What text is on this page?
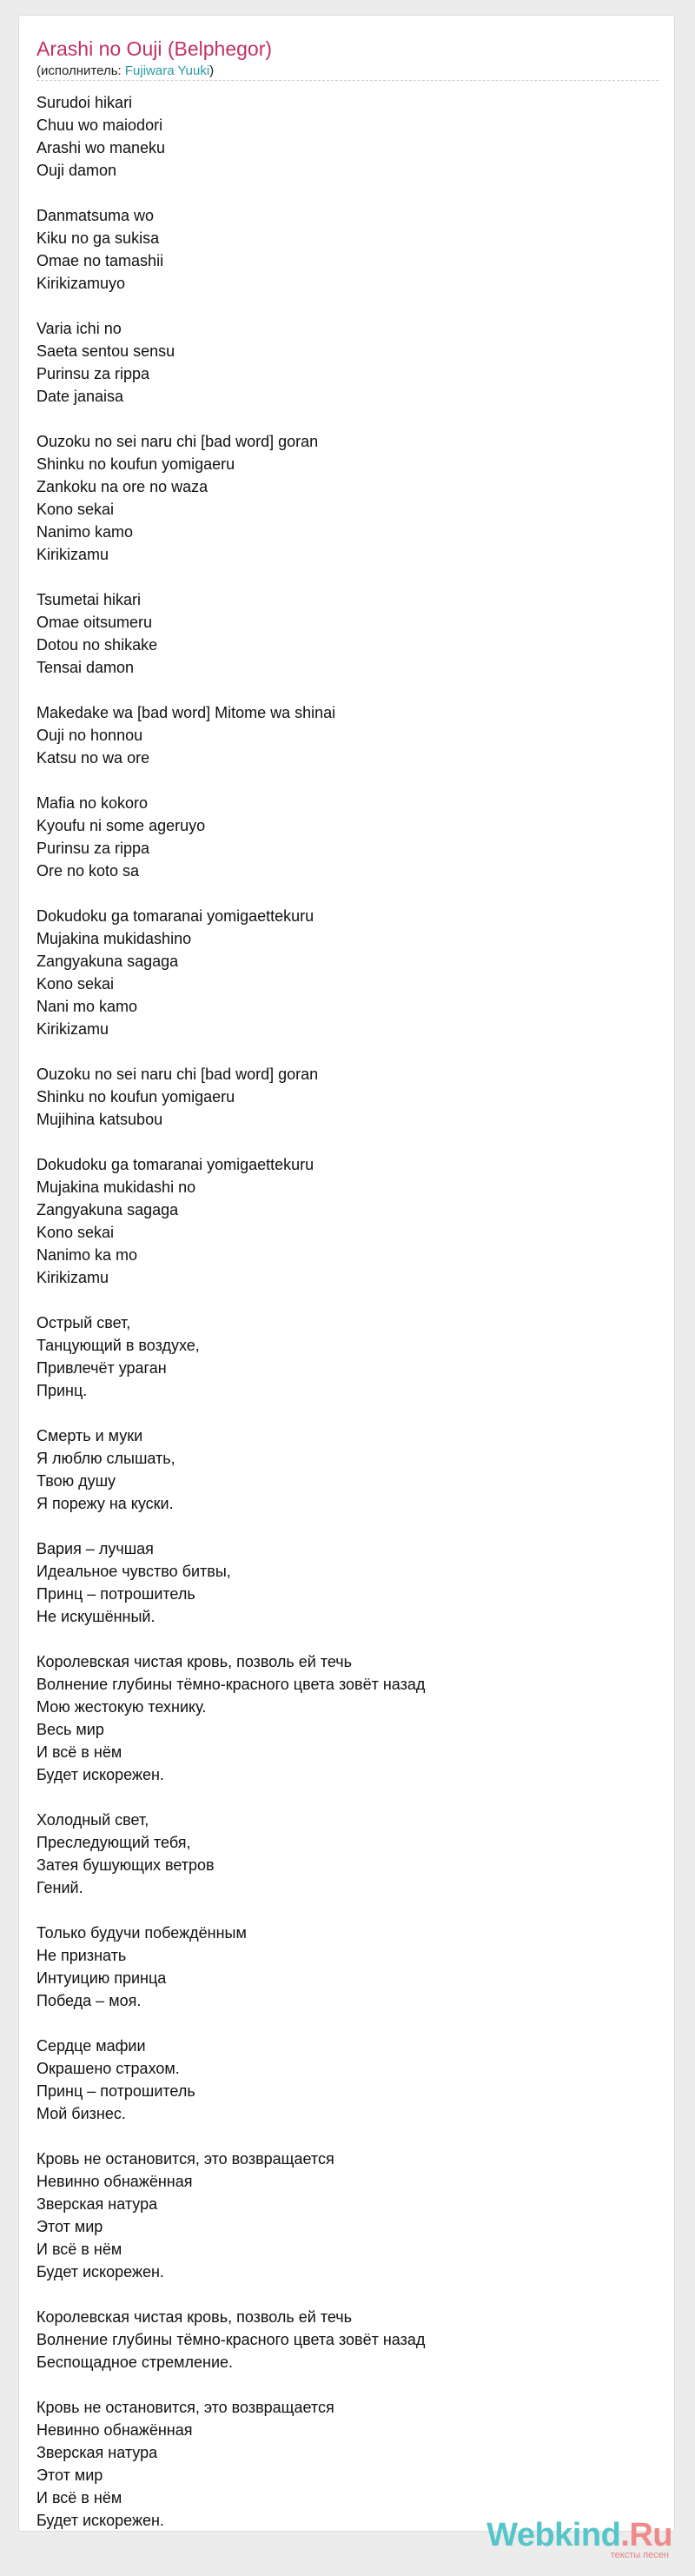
Arashi no Ouji (Belphegor)
(исполнитель: Fujiwara Yuuki)
Surudoi hikari
Chuu wo maiodori
Arashi wo maneku
Ouji damon
Danmatsuma wo
Kiku no ga sukisa
Omae no tamashii
Kirikizamuyo
Varia ichi no
Saeta sentou sensu
Purinsu za rippa
Date janaisa
Ouzoku no sei naru chi [bad word] goran
Shinku no koufun yomigaeru
Zankoku na ore no waza
Kono sekai
Nanimo kamo
Kirikizamu
Tsumetai hikari
Omae oitsumeru
Dotou no shikake
Tensai damon
Makedake wa [bad word] Mitome wa shinai
Ouji no honnou
Katsu no wa ore
Mafia no kokoro
Kyoufu ni some ageruyo
Purinsu za rippa
Ore no koto sa
Dokudoku ga tomaranai yomigaettekuru
Mujakina mukidashino
Zangyakuna sagaga
Kono sekai
Nani mo kamo
Kirikizamu
Ouzoku no sei naru chi [bad word] goran
Shinku no koufun yomigaeru
Mujihina katsubou
Dokudoku ga tomaranai yomigaettekuru
Mujakina mukidashi no
Zangyakuna sagaga
Kono sekai
Nanimo ka mo
Kirikizamu
Острый свет,
Танцующий в воздухе,
Привлечёт ураган
Принц.
Смерть и муки
Я люблю слышать,
Твою душу
Я порежу на куски.
Вария – лучшая
Идеальное чувство битвы,
Принц – потрошитель
Не искушённый.
Королевская чистая кровь, позволь ей течь
Волнение глубины тёмно-красного цвета зовёт назад
Мою жестокую технику.
Весь мир
И всё в нём
Будет искорежен.
Холодный свет,
Преследующий тебя,
Затея бушующих ветров
Гений.
Только будучи побеждённым
Не признать
Интуицию принца
Победа – моя.
Сердце мафии
Окрашено страхом.
Принц – потрошитель
Мой бизнес.
Кровь не остановится, это возвращается
Невинно обнажённая
Зверская натура
Этот мир
И всё в нём
Будет искорежен.
Королевская чистая кровь, позволь ей течь
Волнение глубины тёмно-красного цвета зовёт назад
Беспощадное стремление.
Кровь не остановится, это возвращается
Невинно обнажённая
Зверская натура
Этот мир
И всё в нём
Будет искорежен.	Webkind.Ru
тексты песен
